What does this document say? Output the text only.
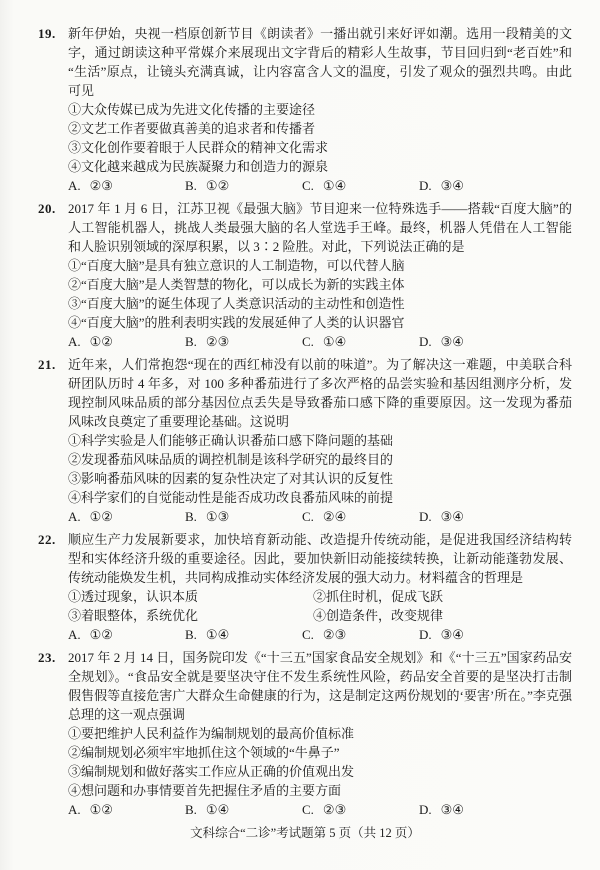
19. 新年伊始，央视一档原创新节目《朗读者》一播出就引来好评如潮。选用一段精美的文字，通过朗读这种平常媒介来展现出文字背后的精彩人生故事，节目回归到“老百姓”和“生活”原点，让镜头充满真诚，让内容富含人文的温度，引发了观众的强烈共鸣。由此可见

①大众传媒已成为先进文化传播的主要途径
②文艺工作者要做真善美的追求者和传播者
③文化创作要着眼于人民群众的精神文化需求
④文化越来越成为民族凝聚力和创造力的源泉
A. ②③	B. ①②	C. ①④	D. ③④
20. 2017 年 1 月 6 日，江苏卫视《最强大脑》节目迎来一位特殊选手——搭载“百度大脑”的人工智能机器人，挑战人类最强大脑的名人堂选手王峰。最终，机器人凭借在人工智能和人脸识别领域的深厚积累，以 3∶2 险胜。对此，下列说法正确的是

①“百度大脑”是具有独立意识的人工制造物，可以代替人脑
②“百度大脑”是人类智慧的物化，可以成长为新的实践主体
③“百度大脑”的诞生体现了人类意识活动的主动性和创造性
④“百度大脑”的胜利表明实践的发展延伸了人类的认识器官
A. ①②	B. ②③	C. ①④	D. ③④
21. 近年来，人们常抱怨“现在的西红柿没有以前的味道”。为了解决这一难题，中美联合科研团队历时 4 年多，对 100 多种番茄进行了多次严格的品尝实验和基因组测序分析，发现控制风味品质的部分基因位点丢失是导致番茄口感下降的重要原因。这一发现为番茄风味改良奠定了重要理论基础。这说明

①科学实验是人们能够正确认识番茄口感下降问题的基础
②发现番茄风味品质的调控机制是该科学研究的最终目的
③影响番茄风味的因素的复杂性决定了对其认识的反复性
④科学家们的自觉能动性是能否成功改良番茄风味的前提
A. ①②	B. ①③	C. ②④	D. ③④
22. 顺应生产力发展新要求，加快培育新动能、改造提升传统动能，是促进我国经济结构转型和实体经济升级的重要途径。因此，要加快新旧动能接续转换，让新动能蓬勃发展、传统动能焕发生机，共同构成推动实体经济发展的强大动力。材料蕴含的哲理是

①透过现象，认识本质	②抓住时机，促成飞跃
③着眼整体，系统优化	④创造条件，改变规律
A. ①②	B. ①④	C. ②③	D. ③④
23. 2017 年 2 月 14 日，国务院印发《“十三五”国家食品安全规划》和《“十三五”国家药品安全规划》。“食品安全就是要坚决守住不发生系统性风险，药品安全首要的是坚决打击制假售假等直接危害广大群众生命健康的行为，这是制定这两份规划的‘要害’所在。”李克强总理的这一观点强调

①要把维护人民利益作为编制规划的最高价值标准
②编制规划必须牢牢地抓住这个领域的“牛鼻子”
③编制规划和做好落实工作应从正确的价值观出发
④想问题和办事情要首先把握住矛盾的主要方面
A. ①②	B. ①④	C. ②③	D. ③④
文科综合“二诊”考试题第 5 页（共 12 页）
